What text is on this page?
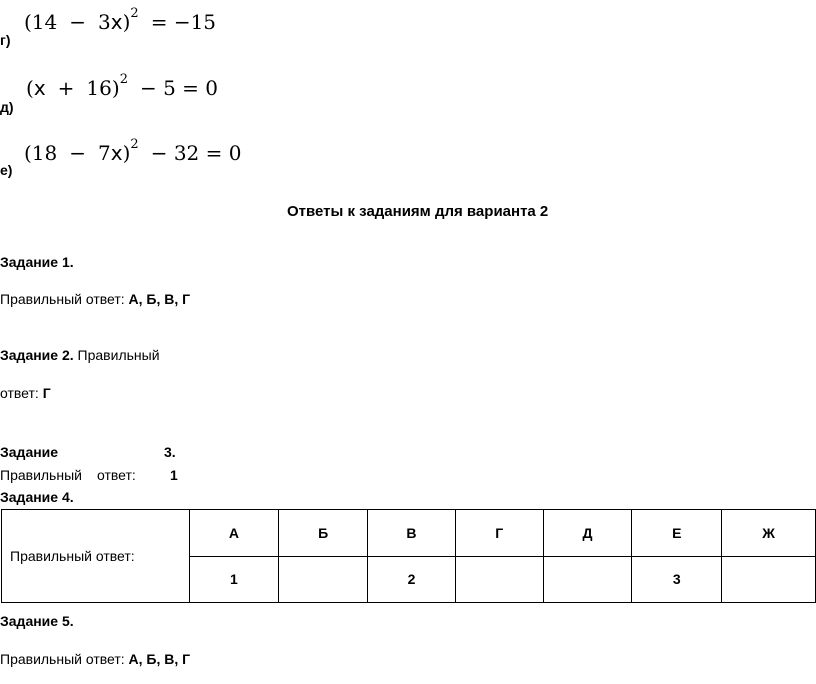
г)
$(14 - 3x)^2 = -15$
д)
$(x + 16)^2 - 5 = 0$
е)
$(18 - 7x)^2 - 32 = 0$
Ответы к заданиям для варианта 2
Задание 1.
Правильный ответ: А, Б, В, Г
Задание 2. Правильный
ответ: Г
Задание	3.
Правильный ответ: 1
Задание 4.
Правильный ответ:	А	Б	В	Г	Д	Е	Ж
	1		2			3	
Задание 5.
Правильный ответ: А, Б, В, Г
